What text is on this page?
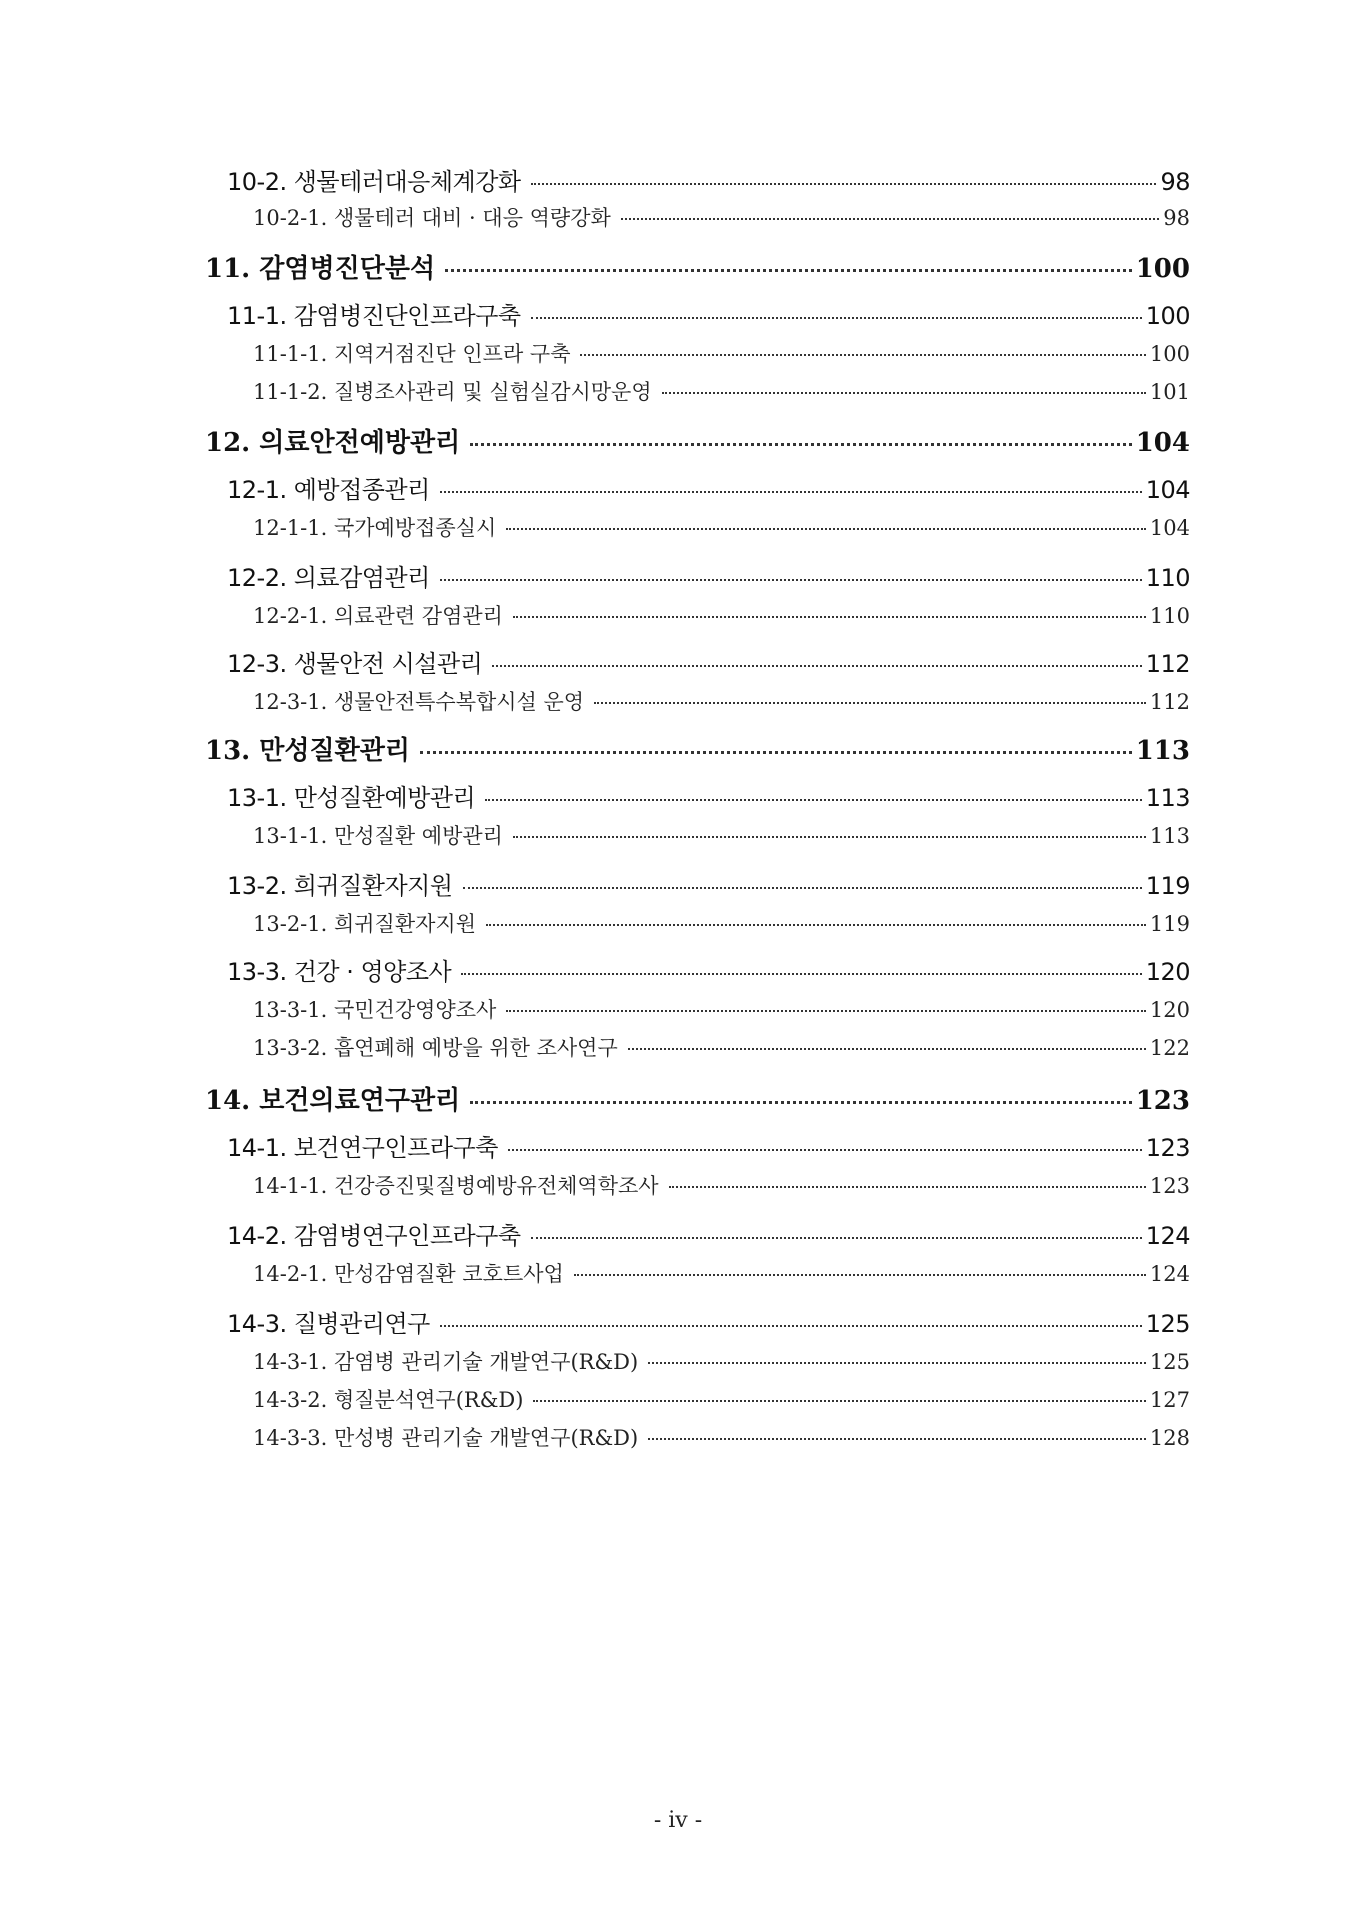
10-2. 생물테러대응체계강화	98
10-2-1. 생물테러 대비 · 대응 역량강화	98
11. 감염병진단분석	100
11-1. 감염병진단인프라구축	100
11-1-1. 지역거점진단 인프라 구축	100
11-1-2. 질병조사관리 및 실험실감시망운영	101
12. 의료안전예방관리	104
12-1. 예방접종관리	104
12-1-1. 국가예방접종실시	104
12-2. 의료감염관리	110
12-2-1. 의료관련 감염관리	110
12-3. 생물안전 시설관리	112
12-3-1. 생물안전특수복합시설 운영	112
13. 만성질환관리	113
13-1. 만성질환예방관리	113
13-1-1. 만성질환 예방관리	113
13-2. 희귀질환자지원	119
13-2-1. 희귀질환자지원	119
13-3. 건강 · 영양조사	120
13-3-1. 국민건강영양조사	120
13-3-2. 흡연폐해 예방을 위한 조사연구	122
14. 보건의료연구관리	123
14-1. 보건연구인프라구축	123
14-1-1. 건강증진및질병예방유전체역학조사	123
14-2. 감염병연구인프라구축	124
14-2-1. 만성감염질환 코호트사업	124
14-3. 질병관리연구	125
14-3-1. 감염병 관리기술 개발연구(R&D)	125
14-3-2. 형질분석연구(R&D)	127
14-3-3. 만성병 관리기술 개발연구(R&D)	128
- iv -
